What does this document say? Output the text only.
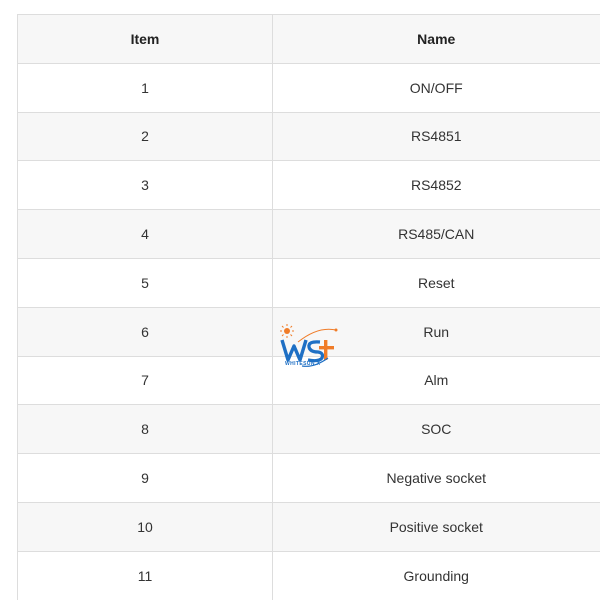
Item	Name
1	ON/OFF
2	RS4851
3	RS4852
4	RS485/CAN
5	Reset
6	Run
7	Alm
8	SOC
9	Negative socket
10	Positive socket
11	Grounding
WHITESUN.X
